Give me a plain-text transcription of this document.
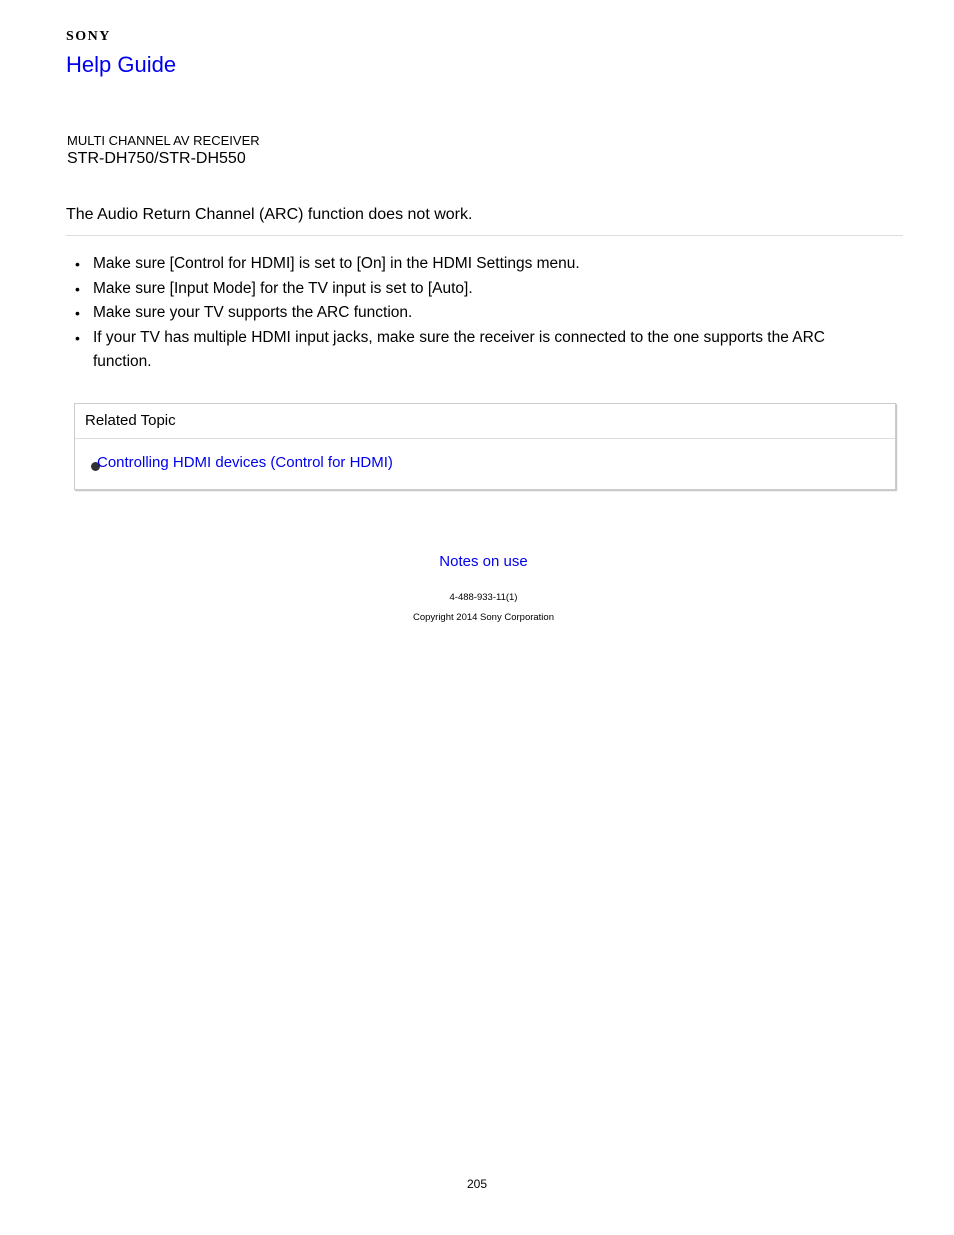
SONY
Help Guide
MULTI CHANNEL AV RECEIVER
STR-DH750/STR-DH550
The Audio Return Channel (ARC) function does not work.
• Make sure [Control for HDMI] is set to [On] in the HDMI Settings menu.
• Make sure [Input Mode] for the TV input is set to [Auto].
• Make sure your TV supports the ARC function.
• If your TV has multiple HDMI input jacks, make sure the receiver is connected to the one supports the ARC function.
Related Topic
Controlling HDMI devices (Control for HDMI)
Notes on use
4-488-933-11(1)
Copyright 2014 Sony Corporation
205
